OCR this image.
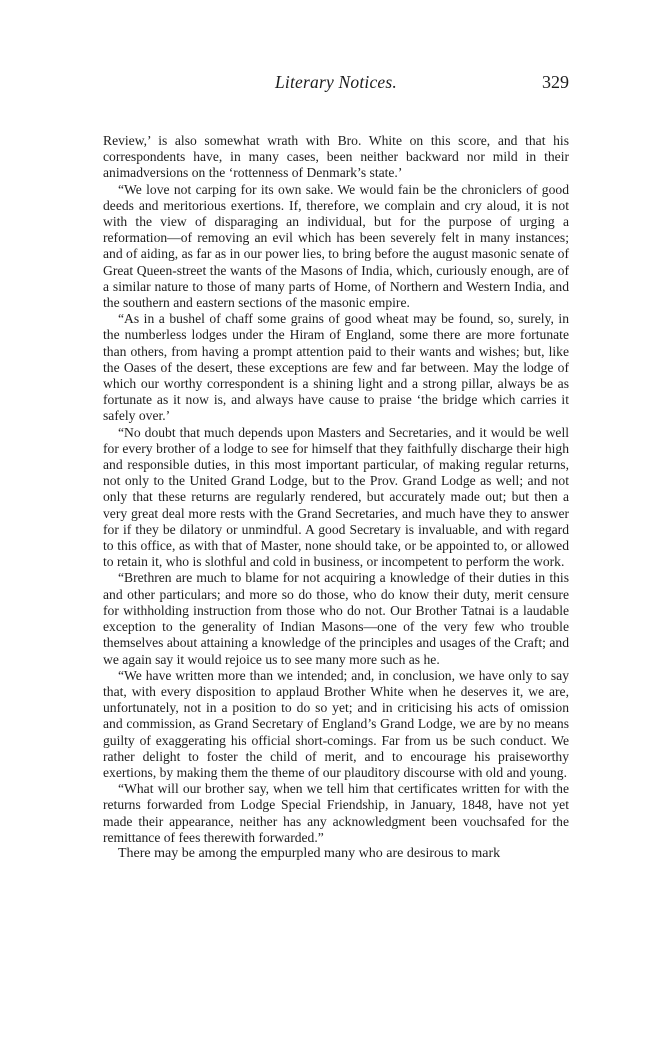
Literary Notices.	329

Review,’ is also somewhat wrath with Bro. White on this score, and that his correspondents have, in many cases, been neither backward nor mild in their animadversions on the ‘rottenness of Denmark’s state.’

“We love not carping for its own sake. We would fain be the chroniclers of good deeds and meritorious exertions. If, therefore, we complain and cry aloud, it is not with the view of disparaging an individual, but for the purpose of urging a reformation—of removing an evil which has been severely felt in many instances; and of aiding, as far as in our power lies, to bring before the august masonic senate of Great Queen-street the wants of the Masons of India, which, curiously enough, are of a similar nature to those of many parts of Home, of Northern and Western India, and the southern and eastern sections of the masonic empire.

“As in a bushel of chaff some grains of good wheat may be found, so, surely, in the numberless lodges under the Hiram of England, some there are more fortunate than others, from having a prompt attention paid to their wants and wishes; but, like the Oases of the desert, these exceptions are few and far between. May the lodge of which our worthy correspondent is a shining light and a strong pillar, always be as fortunate as it now is, and always have cause to praise ‘the bridge which carries it safely over.’

“No doubt that much depends upon Masters and Secretaries, and it would be well for every brother of a lodge to see for himself that they faithfully discharge their high and responsible duties, in this most important particular, of making regular returns, not only to the United Grand Lodge, but to the Prov. Grand Lodge as well; and not only that these returns are regularly rendered, but accurately made out; but then a very great deal more rests with the Grand Secretaries, and much have they to answer for if they be dilatory or unmindful. A good Secretary is invaluable, and with regard to this office, as with that of Master, none should take, or be appointed to, or allowed to retain it, who is slothful and cold in business, or incompetent to perform the work.

“Brethren are much to blame for not acquiring a knowledge of their duties in this and other particulars; and more so do those, who do know their duty, merit censure for withholding instruction from those who do not. Our Brother Tatnai is a laudable exception to the generality of Indian Masons—one of the very few who trouble themselves about attaining a knowledge of the principles and usages of the Craft; and we again say it would rejoice us to see many more such as he.

“We have written more than we intended; and, in conclusion, we have only to say that, with every disposition to applaud Brother White when he deserves it, we are, unfortunately, not in a position to do so yet; and in criticising his acts of omission and commission, as Grand Secretary of England’s Grand Lodge, we are by no means guilty of exaggerating his official short-comings. Far from us be such conduct. We rather delight to foster the child of merit, and to encourage his praiseworthy exertions, by making them the theme of our plauditory discourse with old and young.

“What will our brother say, when we tell him that certificates written for with the returns forwarded from Lodge Special Friendship, in January, 1848, have not yet made their appearance, neither has any acknowledgment been vouchsafed for the remittance of fees therewith forwarded.”

There may be among the empurpled many who are desirous to mark
